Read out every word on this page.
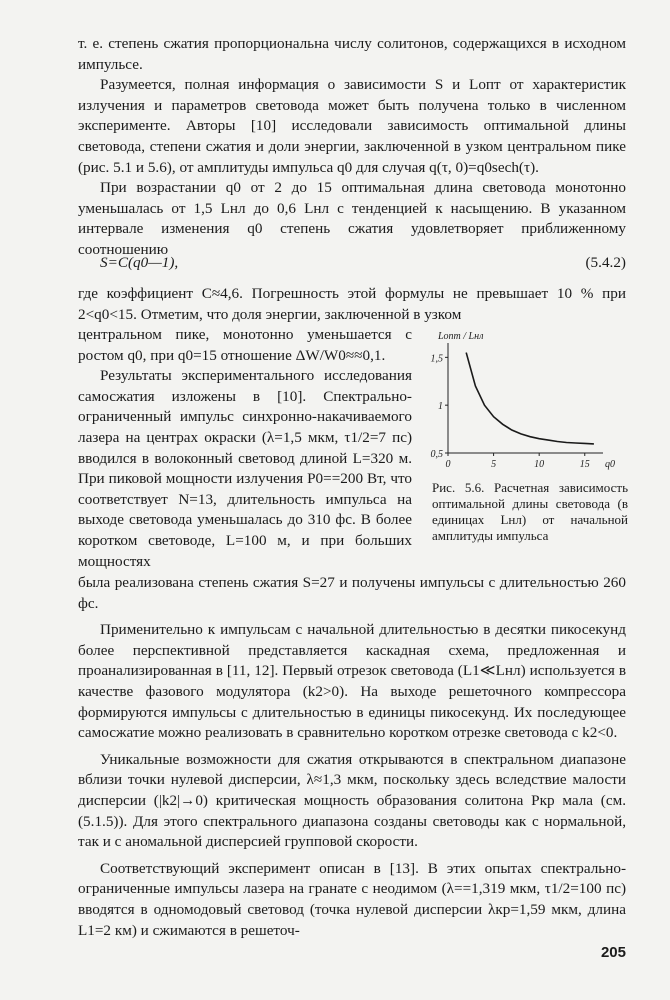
т. е. степень сжатия пропорциональна числу солитонов, содержащихся в исходном импульсе.

Разумеется, полная информация о зависимости S и Lопт от характеристик излучения и параметров световода может быть получена только в численном эксперименте. Авторы [10] исследовали зависимость оптимальной длины световода, степени сжатия и доли энергии, заключенной в узком центральном пике (рис. 5.1 и 5.6), от амплитуды импульса q0 для случая q(τ, 0)=q0sech(τ).

При возрастании q0 от 2 до 15 оптимальная длина световода монотонно уменьшалась от 1,5 Lнл до 0,6 Lнл с тенденцией к насыщению. В указанном интервале изменения q0 степень сжатия удовлетворяет приближенному соотношению

S=C(q0—1),	(5.4.2)
где коэффициент C≈4,6. Погрешность этой формулы не превышает 10 % при 2<q0<15. Отметим, что доля энергии, заключенной в узком

центральном пике, монотонно уменьшается с ростом q0, при q0=15 отношение ΔW/W0≈≈0,1.

Результаты экспериментального исследования самосжатия изложены в [10]. Спектрально-ограниченный импульс синхронно-накачиваемого лазера на центрах окраски (λ=1,5 мкм, τ1/2=7 пс) вводился в волоконный световод длиной L=320 м. При пиковой мощности излучения P0==200 Вт, что соответствует N=13, длительность импульса на выходе световода уменьшалась до 310 фс. В более коротком световоде, L=100 м, и при больших мощностях

Lопт / Lнл
0,5
1
1,5
0	5	10	15 q0
Рис. 5.6. Расчетная зависимость оптимальной длины световода (в единицах Lнл) от начальной амплитуды импульса

была реализована степень сжатия S=27 и получены импульсы с длительностью 260 фс.

Применительно к импульсам с начальной длительностью в десятки пикосекунд более перспективной представляется каскадная схема, предложенная и проанализированная в [11, 12]. Первый отрезок световода (L1≪Lнл) используется в качестве фазового модулятора (k2>0). На выходе решеточного компрессора формируются импульсы с длительностью в единицы пикосекунд. Их последующее самосжатие можно реализовать в сравнительно коротком отрезке световода с k2<0.

Уникальные возможности для сжатия открываются в спектральном диапазоне вблизи точки нулевой дисперсии, λ≈1,3 мкм, поскольку здесь вследствие малости дисперсии (|k2|→0) критическая мощность образования солитона Pкр мала (см. (5.1.5)). Для этого спектрального диапазона созданы световоды как с нормальной, так и с аномальной дисперсией групповой скорости.

Соответствующий эксперимент описан в [13]. В этих опытах спектрально-ограниченные импульсы лазера на гранате с неодимом (λ==1,319 мкм, τ1/2=100 пс) вводятся в одномодовый световод (точка нулевой дисперсии λкр=1,59 мкм, длина L1=2 км) и сжимаются в решеточ-

205
